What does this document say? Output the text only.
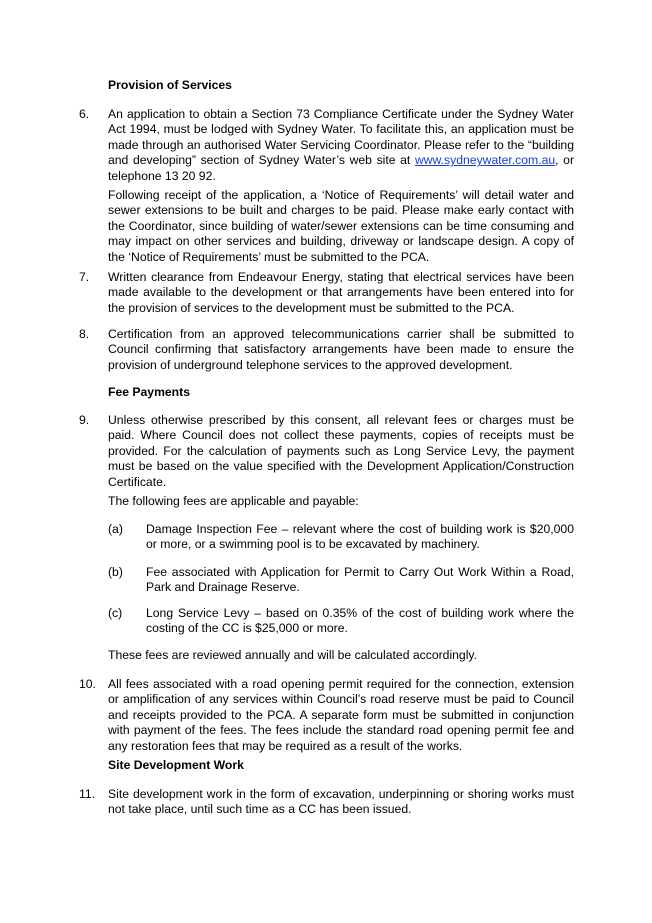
Provision of Services
6. An application to obtain a Section 73 Compliance Certificate under the Sydney Water Act 1994, must be lodged with Sydney Water. To facilitate this, an application must be made through an authorised Water Servicing Coordinator. Please refer to the “building and developing” section of Sydney Water’s web site at www.sydneywater.com.au, or telephone 13 20 92.

Following receipt of the application, a ‘Notice of Requirements’ will detail water and sewer extensions to be built and charges to be paid. Please make early contact with the Coordinator, since building of water/sewer extensions can be time consuming and may impact on other services and building, driveway or landscape design. A copy of the ‘Notice of Requirements’ must be submitted to the PCA.

7. Written clearance from Endeavour Energy, stating that electrical services have been made available to the development or that arrangements have been entered into for the provision of services to the development must be submitted to the PCA.

8. Certification from an approved telecommunications carrier shall be submitted to Council confirming that satisfactory arrangements have been made to ensure the provision of underground telephone services to the approved development.

Fee Payments
9. Unless otherwise prescribed by this consent, all relevant fees or charges must be paid. Where Council does not collect these payments, copies of receipts must be provided. For the calculation of payments such as Long Service Levy, the payment must be based on the value specified with the Development Application/Construction Certificate.

The following fees are applicable and payable:

(a) Damage Inspection Fee – relevant where the cost of building work is $20,000 or more, or a swimming pool is to be excavated by machinery.

(b) Fee associated with Application for Permit to Carry Out Work Within a Road, Park and Drainage Reserve.

(c) Long Service Levy – based on 0.35% of the cost of building work where the costing of the CC is $25,000 or more.

These fees are reviewed annually and will be calculated accordingly.

10. All fees associated with a road opening permit required for the connection, extension or amplification of any services within Council’s road reserve must be paid to Council and receipts provided to the PCA. A separate form must be submitted in conjunction with payment of the fees. The fees include the standard road opening permit fee and any restoration fees that may be required as a result of the works.

Site Development Work
11. Site development work in the form of excavation, underpinning or shoring works must not take place, until such time as a CC has been issued.
